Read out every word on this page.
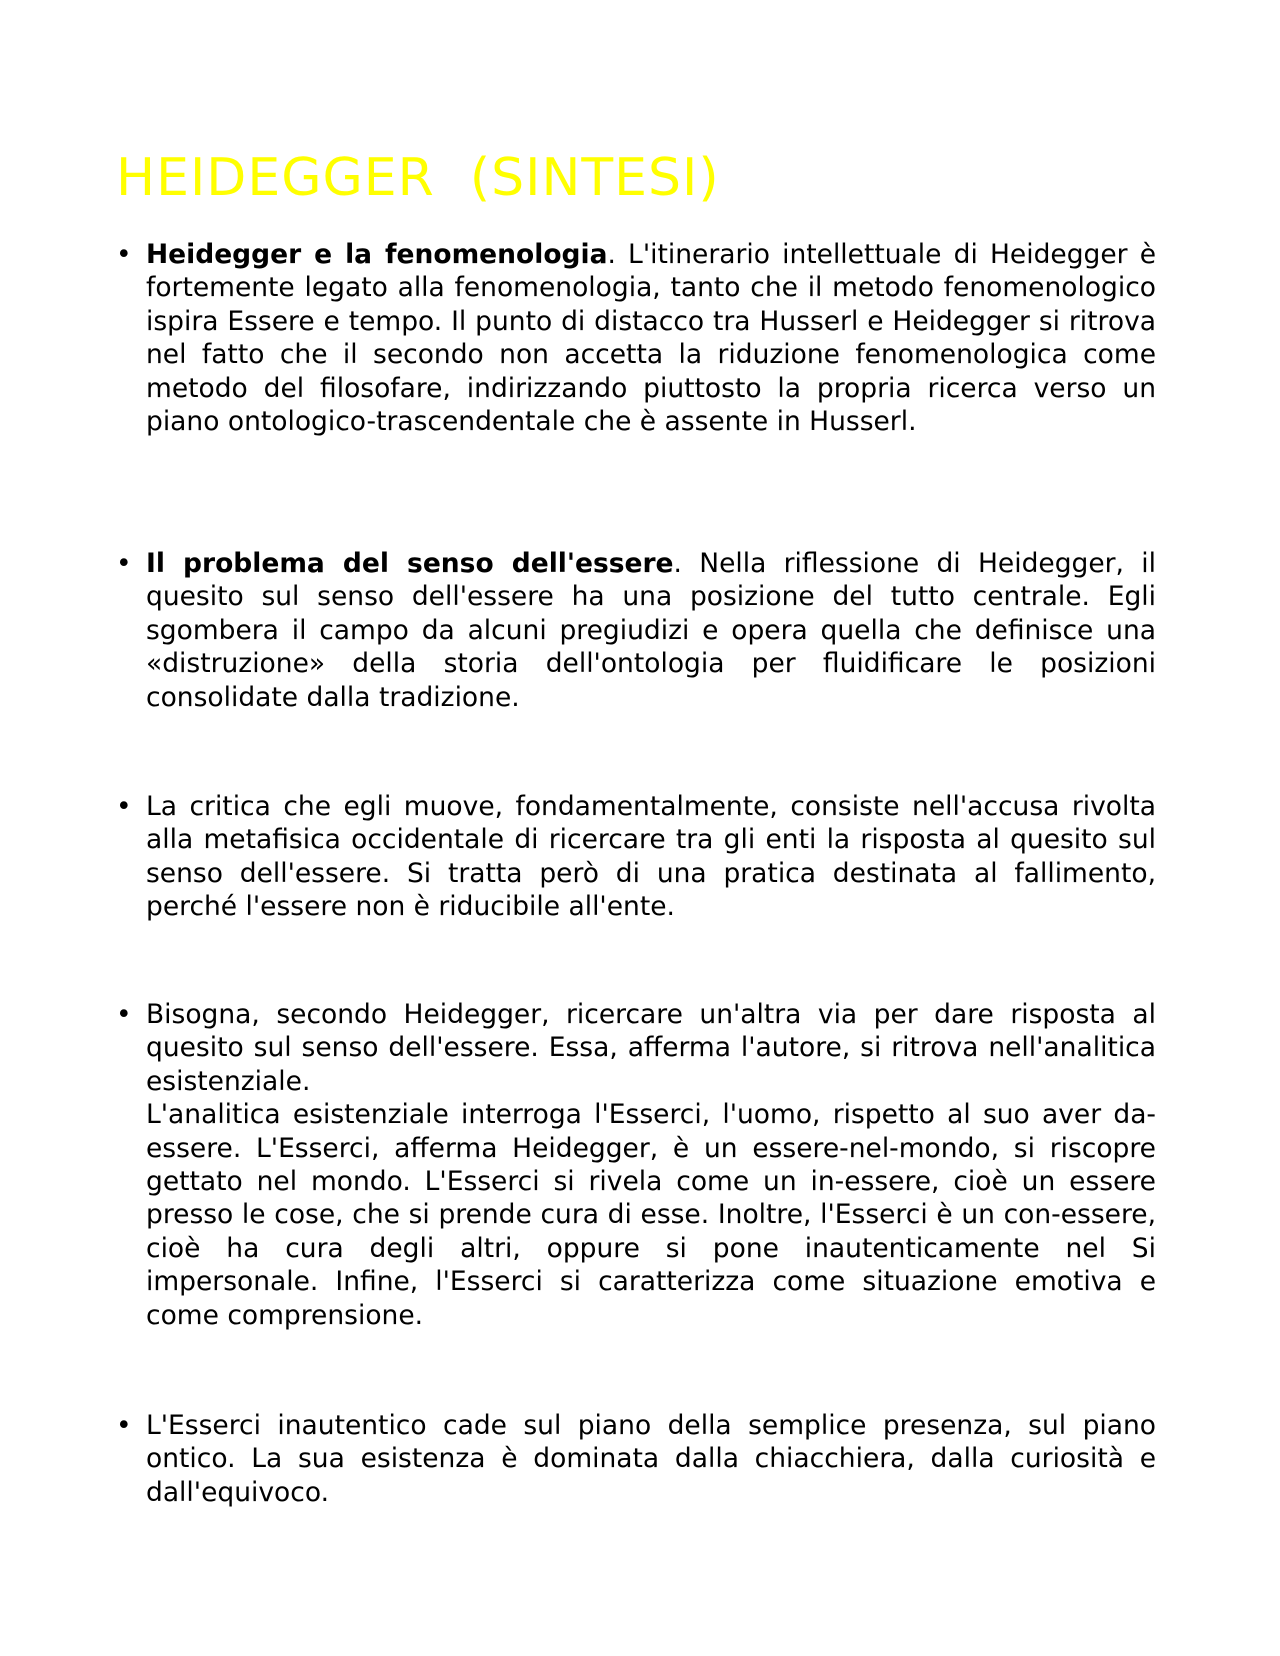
HEIDEGGER  (SINTESI)
• Heidegger e la fenomenologia. L'itinerario intellettuale di Heidegger è fortemente legato alla fenomenologia, tanto che il metodo fenomenologico ispira Essere e tempo. Il punto di distacco tra Husserl e Heidegger si ritrova nel fatto che il secondo non accetta la riduzione fenomenologica come metodo del filosofare, indirizzando piuttosto la propria ricerca verso un piano ontologico-trascendentale che è assente in Husserl.
• Il problema del senso dell'essere. Nella riflessione di Heidegger, il quesito sul senso dell'essere ha una posizione del tutto centrale. Egli sgombera il campo da alcuni pregiudizi e opera quella che definisce una «distruzione» della storia dell'ontologia per fluidificare le posizioni consolidate dalla tradizione.
• La critica che egli muove, fondamentalmente, consiste nell'accusa rivolta alla metafisica occidentale di ricercare tra gli enti la risposta al quesito sul senso dell'essere. Si tratta però di una pratica destinata al fallimento, perché l'essere non è riducibile all'ente.
• Bisogna, secondo Heidegger, ricercare un'altra via per dare risposta al quesito sul senso dell'essere. Essa, afferma l'autore, si ritrova nell'analitica esistenziale.
L'analitica esistenziale interroga l'Esserci, l'uomo, rispetto al suo aver da-essere. L'Esserci, afferma Heidegger, è un essere-nel-mondo, si riscopre gettato nel mondo. L'Esserci si rivela come un in-essere, cioè un essere presso le cose, che si prende cura di esse. Inoltre, l'Esserci è un con-essere, cioè ha cura degli altri, oppure si pone inautenticamente nel Si impersonale. Infine, l'Esserci si caratterizza come situazione emotiva e come comprensione.
• L'Esserci inautentico cade sul piano della semplice presenza, sul piano ontico. La sua esistenza è dominata dalla chiacchiera, dalla curiosità e dall'equivoco.
